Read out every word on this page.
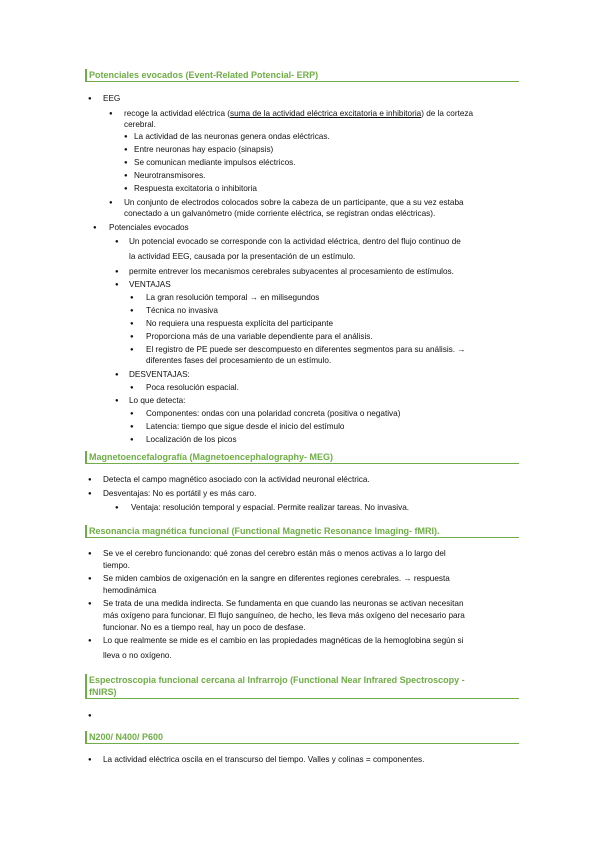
Potenciales evocados (Event-Related Potencial- ERP)
●
EEG
●
recoge la actividad eléctrica (suma de la actividad eléctrica excitatoria e inhibitoria) de la corteza
cerebral.
●
La actividad de las neuronas genera ondas eléctricas.
●
Entre neuronas hay espacio (sinapsis)
●
Se comunican mediante impulsos eléctricos.
●
Neurotransmisores.
●
Respuesta excitatoria o inhibitoria
●
Un conjunto de electrodos colocados sobre la cabeza de un participante, que a su vez estaba
conectado a un galvanómetro (mide corriente eléctrica, se registran ondas eléctricas).
●
Potenciales evocados
●
Un potencial evocado se corresponde con la actividad eléctrica, dentro del flujo continuo de
la actividad EEG, causada por la presentación de un estímulo.
●
permite entrever los mecanismos cerebrales subyacentes al procesamiento de estímulos.
●
VENTAJAS
●
La gran resolución temporal → en milisegundos
●
Técnica no invasiva
●
No requiera una respuesta explícita del participante
●
Proporciona más de una variable dependiente para el análisis.
●
El registro de PE puede ser descompuesto en diferentes segmentos para su análisis. →
diferentes fases del procesamiento de un estímulo.
●
DESVENTAJAS:
●
Poca resolución espacial.
●
Lo que detecta:
●
Componentes: ondas con una polaridad concreta (positiva o negativa)
●
Latencia: tiempo que sigue desde el inicio del estímulo
●
Localización de los picos
Magnetoencefalografía (Magnetoencephalography- MEG)
●
Detecta el campo magnético asociado con la actividad neuronal eléctrica.
●
Desventajas: No es portátil y es más caro.
●
Ventaja: resolución temporal y espacial. Permite realizar tareas. No invasiva.
Resonancia magnética funcional (Functional Magnetic Resonance Imaging- fMRI).
●
Se ve el cerebro funcionando: qué zonas del cerebro están más o menos activas a lo largo del
tiempo.
●
Se miden cambios de oxigenación en la sangre en diferentes regiones cerebrales. → respuesta
hemodinámica
●
Se trata de una medida indirecta. Se fundamenta en que cuando las neuronas se activan necesitan
más oxígeno para funcionar. El flujo sanguíneo, de hecho, les lleva más oxígeno del necesario para
funcionar. No es a tiempo real, hay un poco de desfase.
●
Lo que realmente se mide es el cambio en las propiedades magnéticas de la hemoglobina según si
lleva o no oxígeno.
Espectroscopia funcional cercana al Infrarrojo (Functional Near Infrared Spectroscopy -
fNIRS)
●
N200/ N400/ P600
●
La actividad eléctrica oscila en el transcurso del tiempo. Valles y colinas = componentes.
